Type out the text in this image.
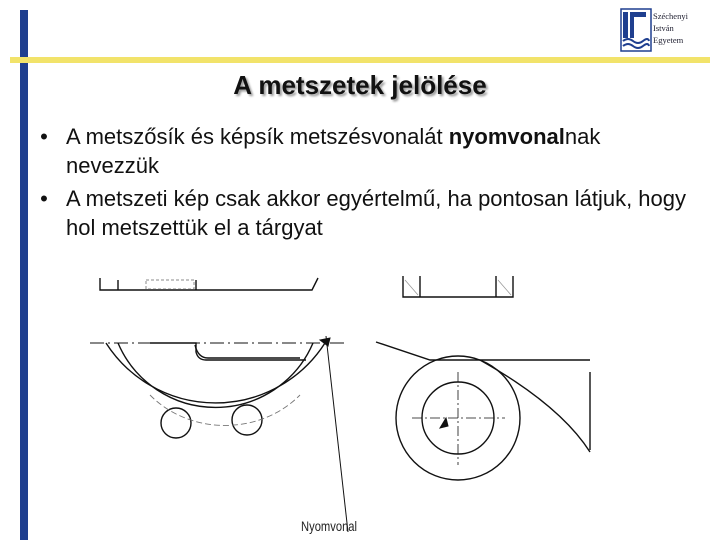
Széchenyi
István
Egyetem
A metszetek jelölése
• A metszősík és képsík metszésvonalát nyomvonalnak nevezzük
• A metszeti kép csak akkor egyértelmű, ha pontosan látjuk, hogy hol metszettük el a tárgyat
Nyomvonal
